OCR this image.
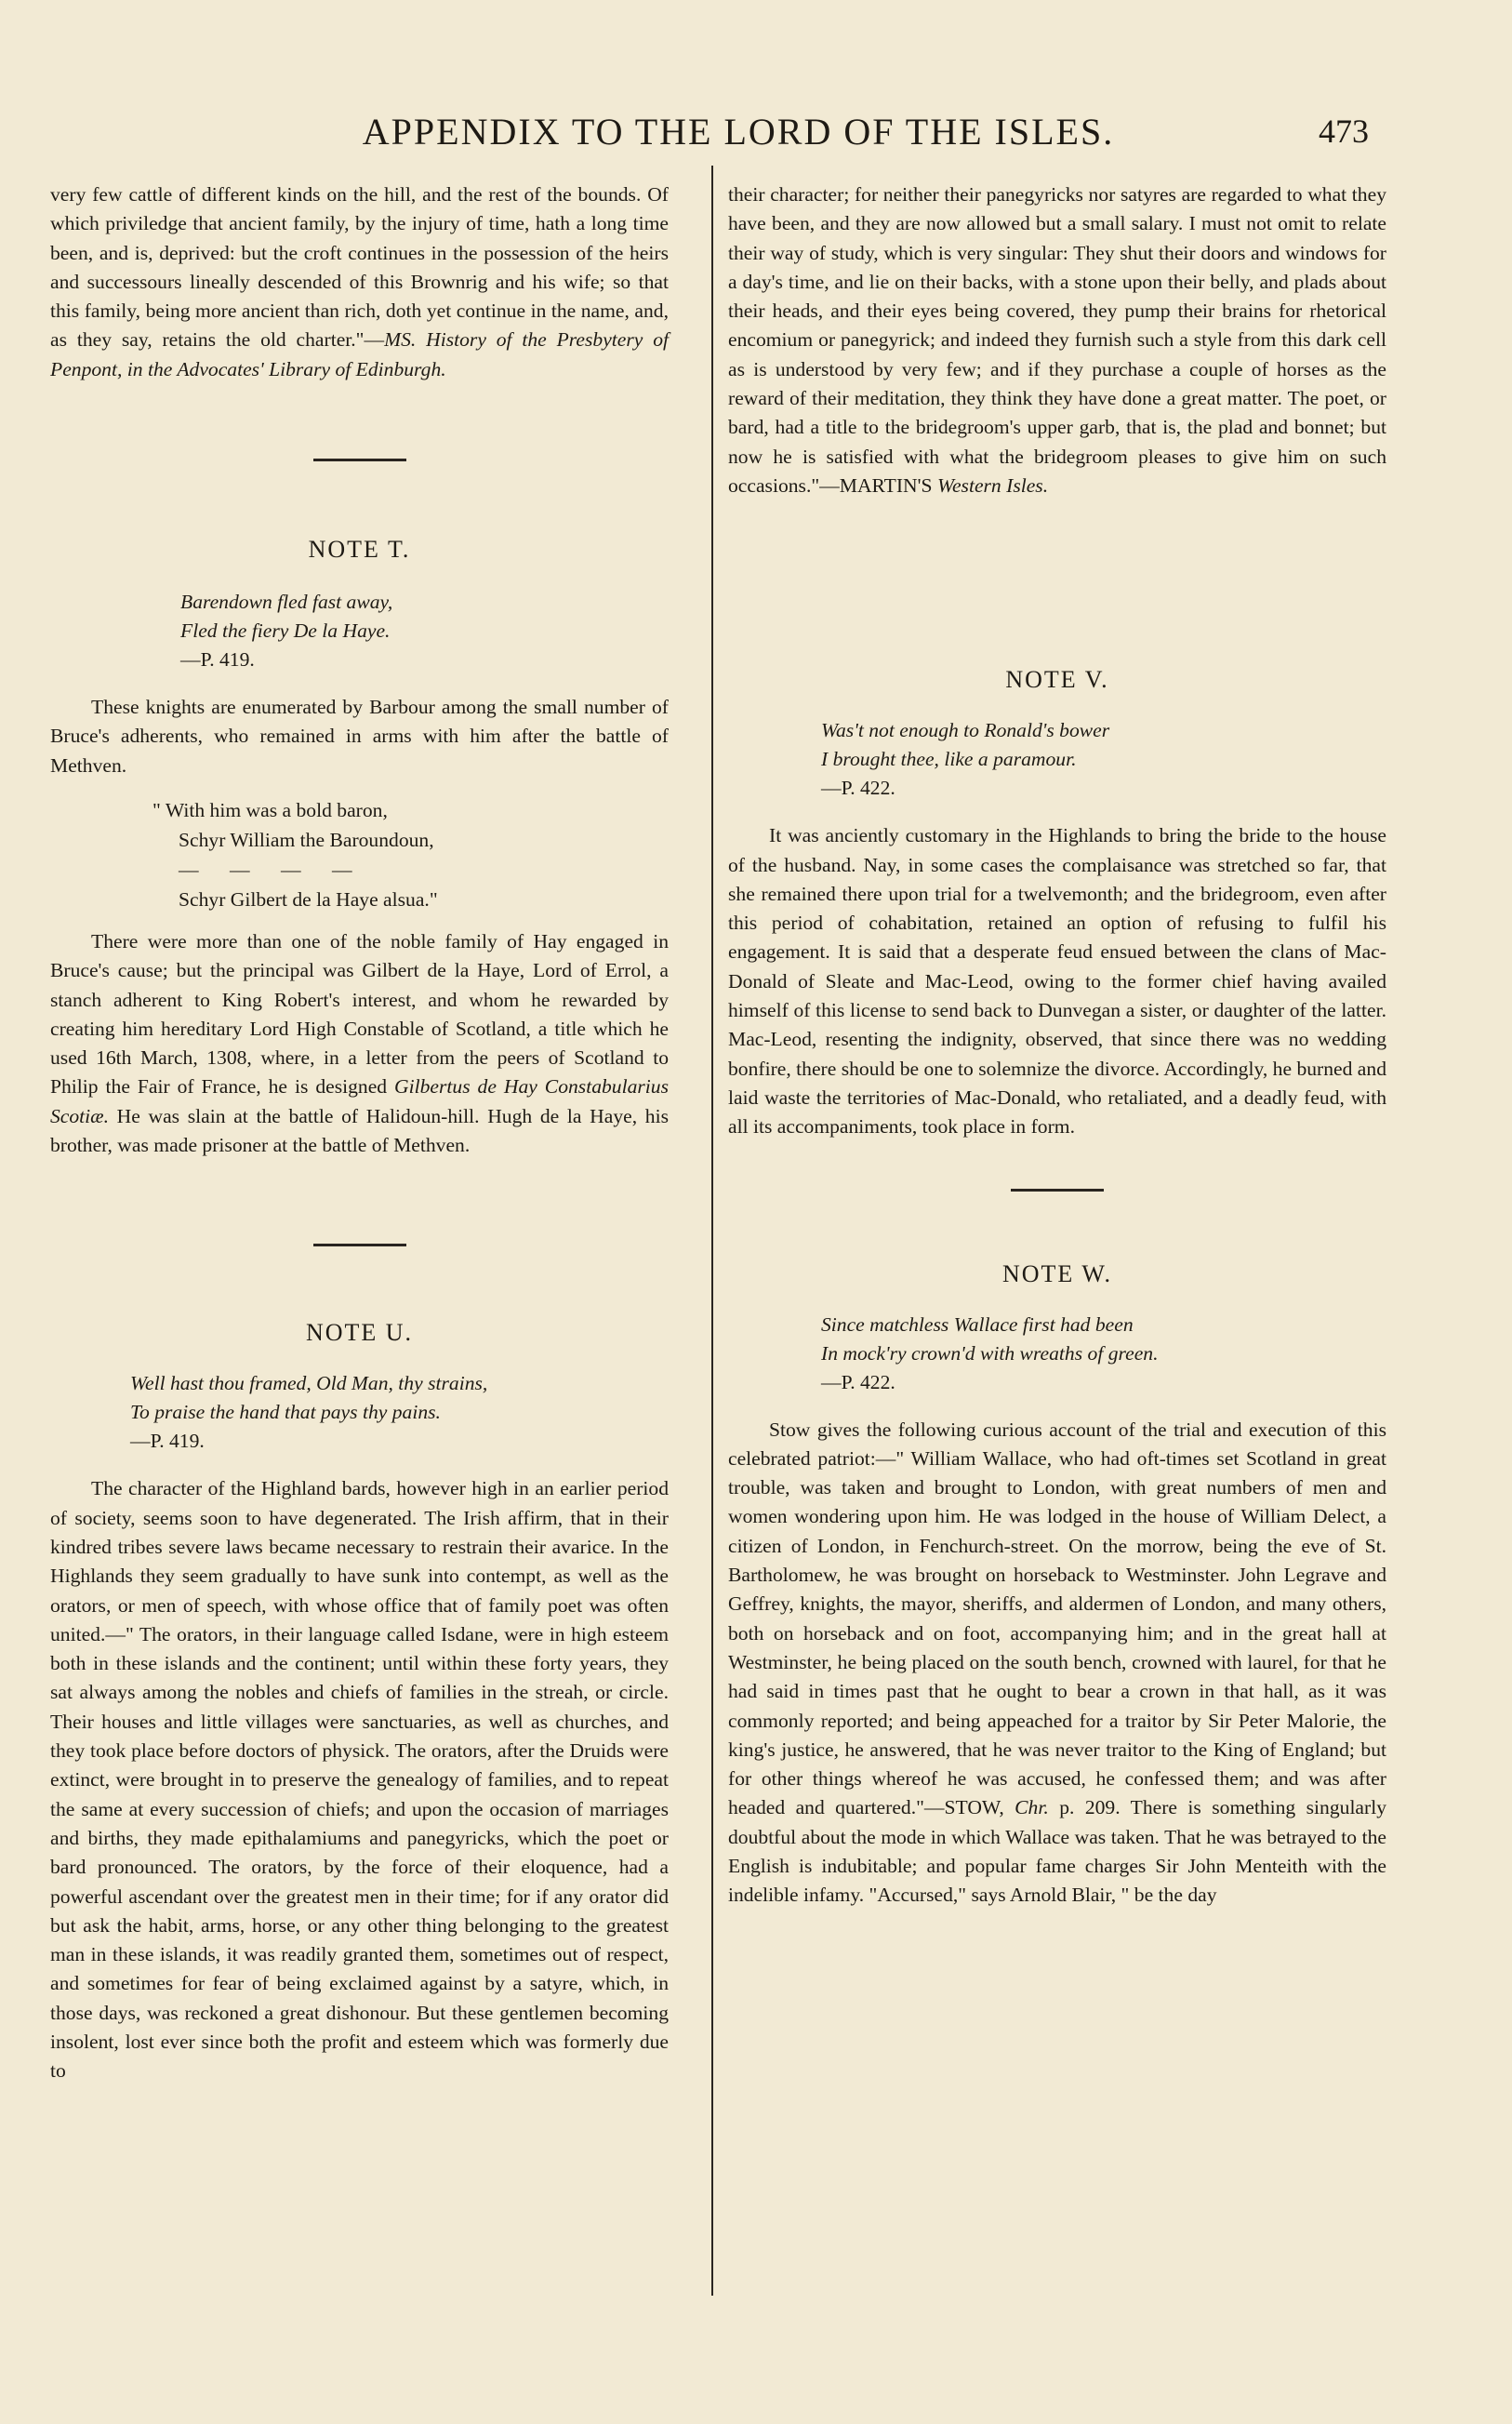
APPENDIX TO THE LORD OF THE ISLES.	473

very few cattle of different kinds on the hill, and the rest of the bounds. Of which priviledge that ancient family, by the injury of time, hath a long time been, and is, deprived: but the croft continues in the possession of the heirs and successours lineally descended of this Brownrig and his wife; so that this family, being more ancient than rich, doth yet continue in the name, and, as they say, retains the old charter."—MS. History of the Presbytery of Penpont, in the Advocates' Library of Edinburgh.

NOTE T.
Barendown fled fast away,
Fled the fiery De la Haye.
—P. 419.

These knights are enumerated by Barbour among the small number of Bruce's adherents, who remained in arms with him after the battle of Methven.

" With him was a bold baron,
Schyr William the Baroundoun,
— — — —
Schyr Gilbert de la Haye alsua."

There were more than one of the noble family of Hay engaged in Bruce's cause; but the principal was Gilbert de la Haye, Lord of Errol, a stanch adherent to King Robert's interest, and whom he rewarded by creating him hereditary Lord High Constable of Scotland, a title which he used 16th March, 1308, where, in a letter from the peers of Scotland to Philip the Fair of France, he is designed Gilbertus de Hay Constabularius Scotiæ. He was slain at the battle of Halidoun-hill. Hugh de la Haye, his brother, was made prisoner at the battle of Methven.

NOTE U.
Well hast thou framed, Old Man, thy strains,
To praise the hand that pays thy pains.
—P. 419.

The character of the Highland bards, however high in an earlier period of society, seems soon to have degenerated. The Irish affirm, that in their kindred tribes severe laws became necessary to restrain their avarice. In the Highlands they seem gradually to have sunk into contempt, as well as the orators, or men of speech, with whose office that of family poet was often united.—" The orators, in their language called Isdane, were in high esteem both in these islands and the continent; until within these forty years, they sat always among the nobles and chiefs of families in the streah, or circle. Their houses and little villages were sanctuaries, as well as churches, and they took place before doctors of physick. The orators, after the Druids were extinct, were brought in to preserve the genealogy of families, and to repeat the same at every succession of chiefs; and upon the occasion of marriages and births, they made epithalamiums and panegyricks, which the poet or bard pronounced. The orators, by the force of their eloquence, had a powerful ascendant over the greatest men in their time; for if any orator did but ask the habit, arms, horse, or any other thing belonging to the greatest man in these islands, it was readily granted them, sometimes out of respect, and sometimes for fear of being exclaimed against by a satyre, which, in those days, was reckoned a great dishonour. But these gentlemen becoming insolent, lost ever since both the profit and esteem which was formerly due to

their character; for neither their panegyricks nor satyres are regarded to what they have been, and they are now allowed but a small salary. I must not omit to relate their way of study, which is very singular: They shut their doors and windows for a day's time, and lie on their backs, with a stone upon their belly, and plads about their heads, and their eyes being covered, they pump their brains for rhetorical encomium or panegyrick; and indeed they furnish such a style from this dark cell as is understood by very few; and if they purchase a couple of horses as the reward of their meditation, they think they have done a great matter. The poet, or bard, had a title to the bridegroom's upper garb, that is, the plad and bonnet; but now he is satisfied with what the bridegroom pleases to give him on such occasions."—MARTIN'S Western Isles.

NOTE V.
Was't not enough to Ronald's bower
I brought thee, like a paramour.
—P. 422.

It was anciently customary in the Highlands to bring the bride to the house of the husband. Nay, in some cases the complaisance was stretched so far, that she remained there upon trial for a twelvemonth; and the bridegroom, even after this period of cohabitation, retained an option of refusing to fulfil his engagement. It is said that a desperate feud ensued between the clans of Mac-Donald of Sleate and Mac-Leod, owing to the former chief having availed himself of this license to send back to Dunvegan a sister, or daughter of the latter. Mac-Leod, resenting the indignity, observed, that since there was no wedding bonfire, there should be one to solemnize the divorce. Accordingly, he burned and laid waste the territories of Mac-Donald, who retaliated, and a deadly feud, with all its accompaniments, took place in form.

NOTE W.
Since matchless Wallace first had been
In mock'ry crown'd with wreaths of green.
—P. 422.

Stow gives the following curious account of the trial and execution of this celebrated patriot:—" William Wallace, who had oft-times set Scotland in great trouble, was taken and brought to London, with great numbers of men and women wondering upon him. He was lodged in the house of William Delect, a citizen of London, in Fenchurch-street. On the morrow, being the eve of St. Bartholomew, he was brought on horseback to Westminster. John Legrave and Geffrey, knights, the mayor, sheriffs, and aldermen of London, and many others, both on horseback and on foot, accompanying him; and in the great hall at Westminster, he being placed on the south bench, crowned with laurel, for that he had said in times past that he ought to bear a crown in that hall, as it was commonly reported; and being appeached for a traitor by Sir Peter Malorie, the king's justice, he answered, that he was never traitor to the King of England; but for other things whereof he was accused, he confessed them; and was after headed and quartered."—STOW, Chr. p. 209. There is something singularly doubtful about the mode in which Wallace was taken. That he was betrayed to the English is indubitable; and popular fame charges Sir John Menteith with the indelible infamy. "Accursed," says Arnold Blair, " be the day
